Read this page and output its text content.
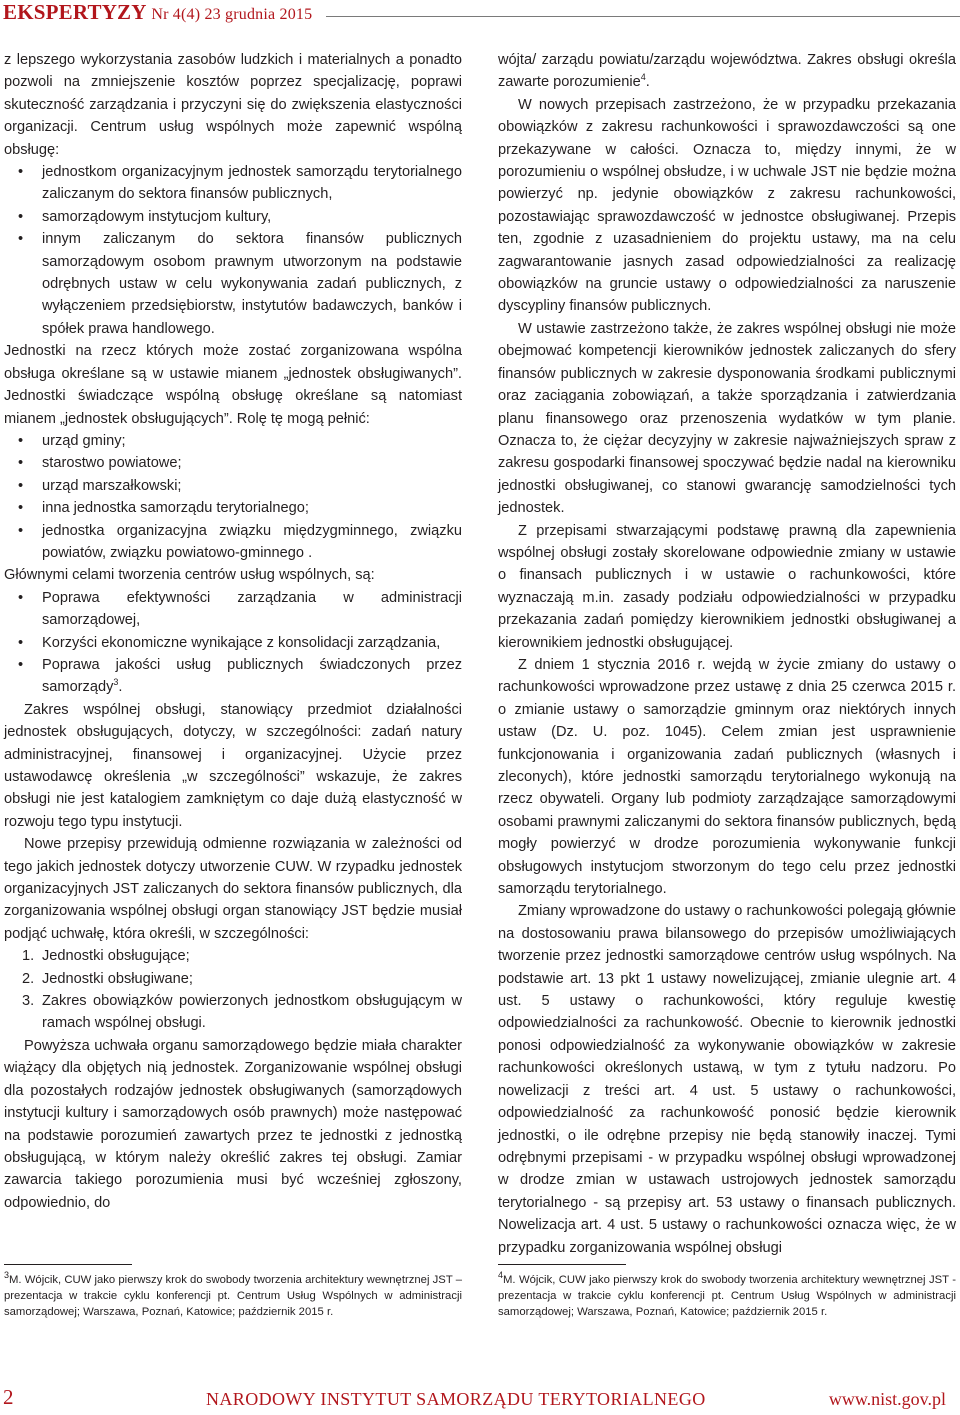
EKSPERTYZY Nr 4(4) 23 grudnia 2015

z lepszego wykorzystania zasobów ludzkich i materialnych a ponadto pozwoli na zmniejszenie kosztów poprzez specjalizację, poprawi skuteczność zarządzania i przyczyni się do zwiększenia elastyczności organizacji. Centrum usług wspólnych może zapewnić wspólną obsługę:

• jednostkom organizacyjnym jednostek samorządu terytorialnego zaliczanym do sektora finansów publicznych,
• samorządowym instytucjom kultury,
• innym zaliczanym do sektora finansów publicznych samorządowym osobom prawnym utworzonym na podstawie odrębnych ustaw w celu wykonywania zadań publicznych, z wyłączeniem przedsiębiorstw, instytutów badawczych, banków i spółek prawa handlowego.

Jednostki na rzecz których może zostać zorganizowana wspólna obsługa określane są w ustawie mianem „jednostek obsługiwanych”. Jednostki świadczące wspólną obsługę określane są natomiast mianem „jednostek obsługujących”. Rolę tę mogą pełnić:

• urząd gminy;
• starostwo powiatowe;
• urząd marszałkowski;
• inna jednostka samorządu terytorialnego;
• jednostka organizacyjna związku międzygminnego, związku powiatów, związku powiatowo-gminnego .

Głównymi celami tworzenia centrów usług wspólnych, są:

• Poprawa efektywności zarządzania w administracji samorządowej,
• Korzyści ekonomiczne wynikające z konsolidacji zarządzania,
• Poprawa jakości usług publicznych świadczonych przez samorządy$^3$.

Zakres wspólnej obsługi, stanowiący przedmiot działalności jednostek obsługujących, dotyczy, w szczególności: zadań natury administracyjnej, finansowej i organizacyjnej. Użycie przez ustawodawcę określenia „w szczególności” wskazuje, że zakres obsługi nie jest katalogiem zamkniętym co daje dużą elastyczność w rozwoju tego typu instytucji.

Nowe przepisy przewidują odmienne rozwiązania w zależności od tego jakich jednostek dotyczy utworzenie CUW. W rzypadku jednostek organizacyjnych JST zaliczanych do sektora finansów publicznych, dla zorganizowania wspólnej obsługi organ stanowiący JST będzie musiał podjąć uchwałę, która określi, w szczególności:

1. Jednostki obsługujące;
2. Jednostki obsługiwane;
3. Zakres obowiązków powierzonych jednostkom obsługującym w ramach wspólnej obsługi.

Powyższa uchwała organu samorządowego będzie miała charakter wiążący dla objętych nią jednostek. Zorganizowanie wspólnej obsługi dla pozostałych rodzajów jednostek obsługiwanych (samorządowych instytucji kultury i samorządowych osób prawnych) może następować na podstawie porozumień zawartych przez te jednostki z jednostką obsługującą, w którym należy określić zakres tej obsługi. Zamiar zawarcia takiego porozumienia musi być wcześniej zgłoszony, odpowiednio, do

wójta/ zarządu powiatu/zarządu województwa. Zakres obsługi określa zawarte porozumienie$^4$.

W nowych przepisach zastrzeżono, że w przypadku przekazania obowiązków z zakresu rachunkowości i sprawozdawczości są one przekazywane w całości. Oznacza to, między innymi, że w porozumieniu o wspólnej obsłudze, i w uchwale JST nie będzie można powierzyć np. jedynie obowiązków z zakresu rachunkowości, pozostawiając sprawozdawczość w jednostce obsługiwanej. Przepis ten, zgodnie z uzasadnieniem do projektu ustawy, ma na celu zagwarantowanie jasnych zasad odpowiedzialności za realizację obowiązków na gruncie ustawy o odpowiedzialności za naruszenie dyscypliny finansów publicznych.

W ustawie zastrzeżono także, że zakres wspólnej obsługi nie może obejmować kompetencji kierowników jednostek zaliczanych do sfery finansów publicznych w zakresie dysponowania środkami publicznymi oraz zaciągania zobowiązań, a także sporządzania i zatwierdzania planu finansowego oraz przenoszenia wydatków w tym planie. Oznacza to, że ciężar decyzyjny w zakresie najważniejszych spraw z zakresu gospodarki finansowej spoczywać będzie nadal na kierowniku jednostki obsługiwanej, co stanowi gwarancję samodzielności tych jednostek.

Z przepisami stwarzającymi podstawę prawną dla zapewnienia wspólnej obsługi zostały skorelowane odpowiednie zmiany w ustawie o finansach publicznych i w ustawie o rachunkowości, które wyznaczają m.in. zasady podziału odpowiedzialności w przypadku przekazania zadań pomiędzy kierownikiem jednostki obsługiwanej a kierownikiem jednostki obsługującej.

Z dniem 1 stycznia 2016 r. wejdą w życie zmiany do ustawy o rachunkowości wprowadzone przez ustawę z dnia 25 czerwca 2015 r. o zmianie ustawy o samorządzie gminnym oraz niektórych innych ustaw (Dz. U. poz. 1045). Celem zmian jest usprawnienie funkcjonowania i organizowania zadań publicznych (własnych i zleconych), które jednostki samorządu terytorialnego wykonują na rzecz obywateli. Organy lub podmioty zarządzające samorządowymi osobami prawnymi zaliczanymi do sektora finansów publicznych, będą mogły powierzyć w drodze porozumienia wykonywanie funkcji obsługowych instytucjom stworzonym do tego celu przez jednostki samorządu terytorialnego.

Zmiany wprowadzone do ustawy o rachunkowości polegają głównie na dostosowaniu prawa bilansowego do przepisów umożliwiających tworzenie przez jednostki samorządowe centrów usług wspólnych. Na podstawie art. 13 pkt 1 ustawy nowelizującej, zmianie ulegnie art. 4 ust. 5 ustawy o rachunkowości, który reguluje kwestię odpowiedzialności za rachunkowość. Obecnie to kierownik jednostki ponosi odpowiedzialność za wykonywanie obowiązków w zakresie rachunkowości określonych ustawą, w tym z tytułu nadzoru. Po nowelizacji z treści art. 4 ust. 5 ustawy o rachunkowości, odpowiedzialność za rachunkowość ponosić będzie kierownik jednostki, o ile odrębne przepisy nie będą stanowiły inaczej. Tymi odrębnymi przepisami - w przypadku wspólnej obsługi wprowadzonej w drodze zmian w ustawach ustrojowych jednostek samorządu terytorialnego - są przepisy art. 53 ustawy o finansach publicznych. Nowelizacja art. 4 ust. 5 ustawy o rachunkowości oznacza więc, że w przypadku zorganizowania wspólnej obsługi

$^3$M. Wójcik, CUW jako pierwszy krok do swobody tworzenia architektury wewnętrznej JST – prezentacja w trakcie cyklu konferencji pt. Centrum Usług Wspólnych w administracji samorządowej; Warszawa, Poznań, Katowice; październik 2015 r.
$^4$M. Wójcik, CUW jako pierwszy krok do swobody tworzenia architektury wewnętrznej JST - prezentacja w trakcie cyklu konferencji pt. Centrum Usług Wspólnych w administracji samorządowej; Warszawa, Poznań, Katowice; październik 2015 r.
2	NARODOWY INSTYTUT SAMORZĄDU TERYTORIALNEGO	www.nist.gov.pl
